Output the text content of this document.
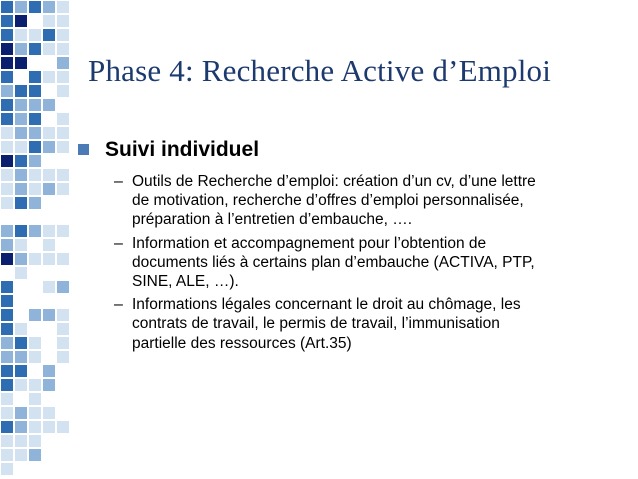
Phase 4: Recherche Active d’Emploi
Suivi individuel
– Outils de Recherche d’emploi: création d’un cv, d’une lettre de motivation, recherche d’offres d’emploi personnalisée, préparation à l’entretien d’embauche, ….
– Information et accompagnement pour l’obtention de documents liés à certains plan d’embauche (ACTIVA, PTP, SINE, ALE, …).
– Informations légales concernant le droit au chômage, les contrats de travail, le permis de travail, l’immunisation partielle des ressources (Art.35)
